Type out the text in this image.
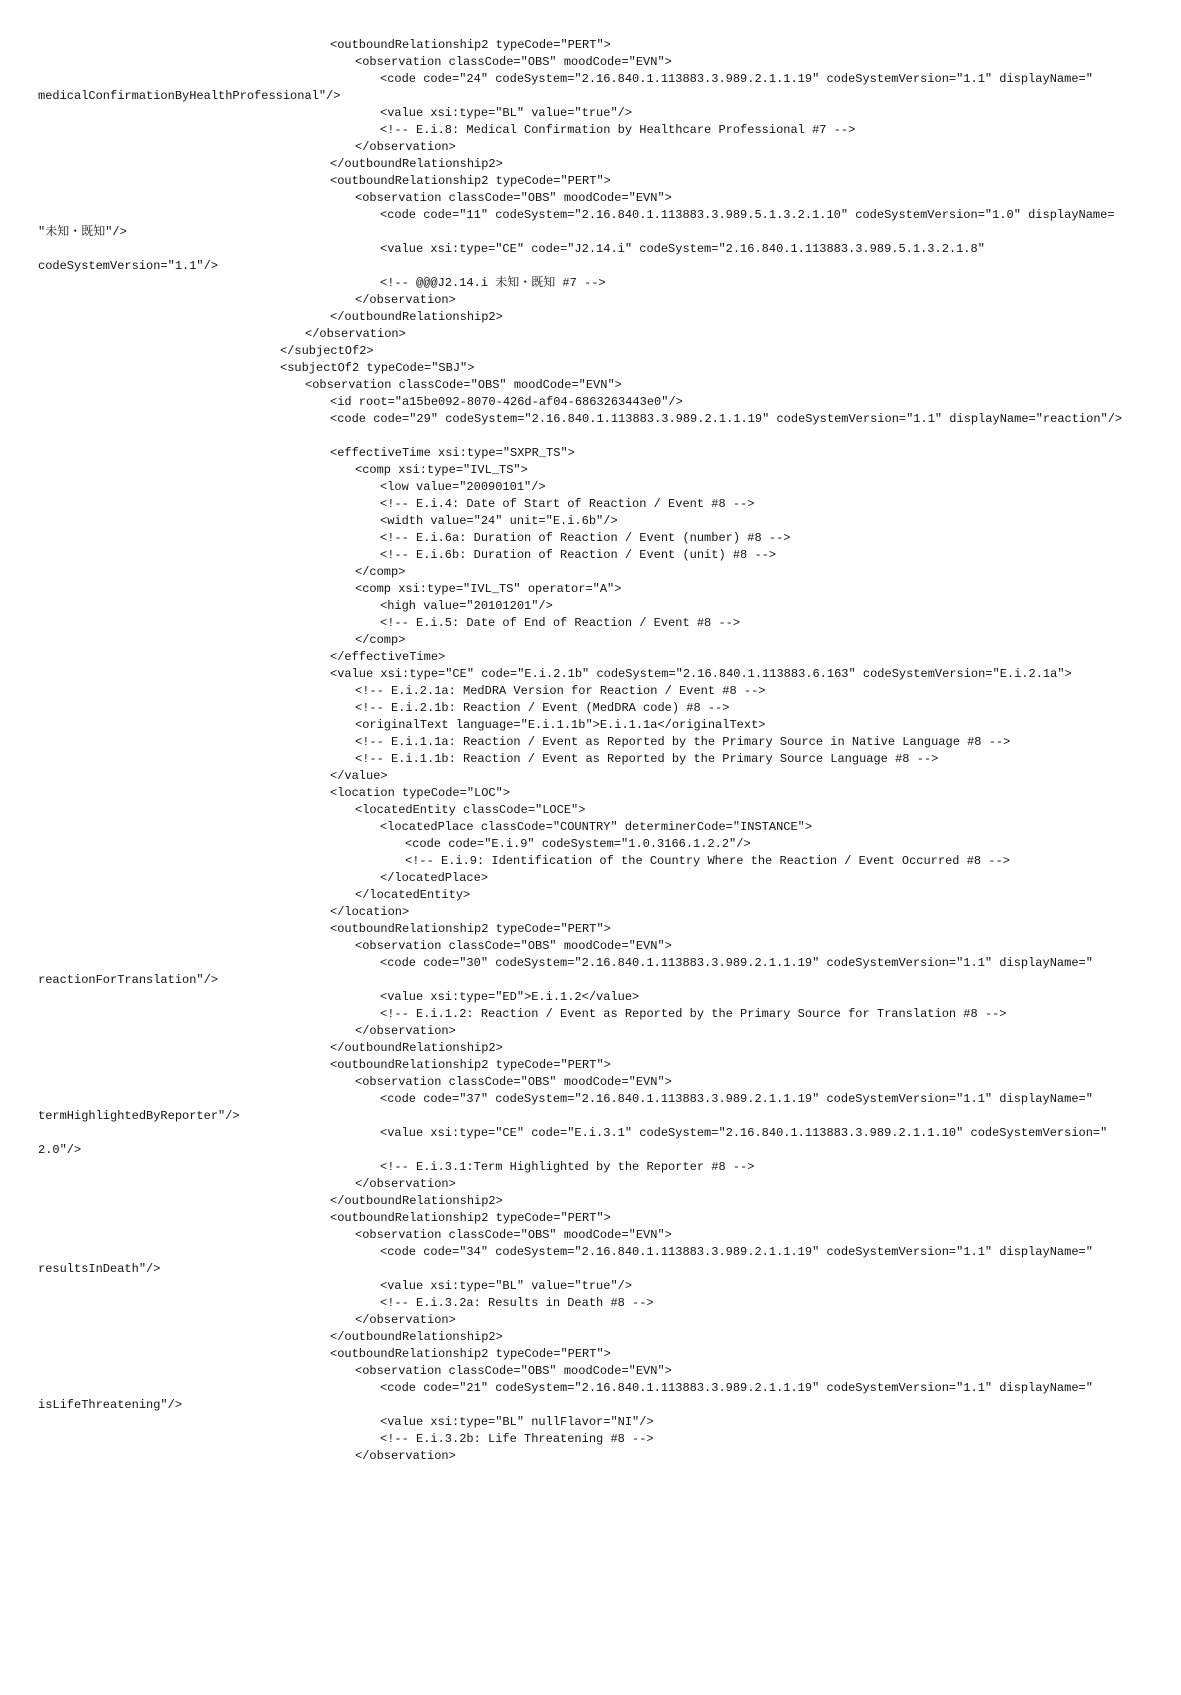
<outboundRelationship2 typeCode="PERT">
<observation classCode="OBS" moodCode="EVN">
<code code="24" codeSystem="2.16.840.1.113883.3.989.2.1.1.19" codeSystemVersion="1.1" displayName="
medicalConfirmationByHealthProfessional"/>
<value xsi:type="BL" value="true"/>
<!-- E.i.8: Medical Confirmation by Healthcare Professional #7 -->
</observation>
</outboundRelationship2>
<outboundRelationship2 typeCode="PERT">
<observation classCode="OBS" moodCode="EVN">
<code code="11" codeSystem="2.16.840.1.113883.3.989.5.1.3.2.1.10" codeSystemVersion="1.0" displayName=
"未知・既知"/>
<value xsi:type="CE" code="J2.14.i" codeSystem="2.16.840.1.113883.3.989.5.1.3.2.1.8"
codeSystemVersion="1.1"/>
<!-- @@@J2.14.i 未知・既知 #7 -->
</observation>
</outboundRelationship2>
</observation>
</subjectOf2>
<subjectOf2 typeCode="SBJ">
<observation classCode="OBS" moodCode="EVN">
<id root="a15be092-8070-426d-af04-6863263443e0"/>
<code code="29" codeSystem="2.16.840.1.113883.3.989.2.1.1.19" codeSystemVersion="1.1" displayName="reaction"/>
<effectiveTime xsi:type="SXPR_TS">
<comp xsi:type="IVL_TS">
<low value="20090101"/>
<!-- E.i.4: Date of Start of Reaction / Event #8 -->
<width value="24" unit="E.i.6b"/>
<!-- E.i.6a: Duration of Reaction / Event (number) #8 -->
<!-- E.i.6b: Duration of Reaction / Event (unit) #8 -->
</comp>
<comp xsi:type="IVL_TS" operator="A">
<high value="20101201"/>
<!-- E.i.5: Date of End of Reaction / Event #8 -->
</comp>
</effectiveTime>
<value xsi:type="CE" code="E.i.2.1b" codeSystem="2.16.840.1.113883.6.163" codeSystemVersion="E.i.2.1a">
<!-- E.i.2.1a: MedDRA Version for Reaction / Event #8 -->
<!-- E.i.2.1b: Reaction / Event (MedDRA code) #8 -->
<originalText language="E.i.1.1b">E.i.1.1a</originalText>
<!-- E.i.1.1a: Reaction / Event as Reported by the Primary Source in Native Language #8 -->
<!-- E.i.1.1b: Reaction / Event as Reported by the Primary Source Language #8 -->
</value>
<location typeCode="LOC">
<locatedEntity classCode="LOCE">
<locatedPlace classCode="COUNTRY" determinerCode="INSTANCE">
<code code="E.i.9" codeSystem="1.0.3166.1.2.2"/>
<!-- E.i.9: Identification of the Country Where the Reaction / Event Occurred #8 -->
</locatedPlace>
</locatedEntity>
</location>
<outboundRelationship2 typeCode="PERT">
<observation classCode="OBS" moodCode="EVN">
<code code="30" codeSystem="2.16.840.1.113883.3.989.2.1.1.19" codeSystemVersion="1.1" displayName="
reactionForTranslation"/>
<value xsi:type="ED">E.i.1.2</value>
<!-- E.i.1.2: Reaction / Event as Reported by the Primary Source for Translation #8 -->
</observation>
</outboundRelationship2>
<outboundRelationship2 typeCode="PERT">
<observation classCode="OBS" moodCode="EVN">
<code code="37" codeSystem="2.16.840.1.113883.3.989.2.1.1.19" codeSystemVersion="1.1" displayName="
termHighlightedByReporter"/>
<value xsi:type="CE" code="E.i.3.1" codeSystem="2.16.840.1.113883.3.989.2.1.1.10" codeSystemVersion="
2.0"/>
<!-- E.i.3.1:Term Highlighted by the Reporter #8 -->
</observation>
</outboundRelationship2>
<outboundRelationship2 typeCode="PERT">
<observation classCode="OBS" moodCode="EVN">
<code code="34" codeSystem="2.16.840.1.113883.3.989.2.1.1.19" codeSystemVersion="1.1" displayName="
resultsInDeath"/>
<value xsi:type="BL" value="true"/>
<!-- E.i.3.2a: Results in Death #8 -->
</observation>
</outboundRelationship2>
<outboundRelationship2 typeCode="PERT">
<observation classCode="OBS" moodCode="EVN">
<code code="21" codeSystem="2.16.840.1.113883.3.989.2.1.1.19" codeSystemVersion="1.1" displayName="
isLifeThreatening"/>
<value xsi:type="BL" nullFlavor="NI"/>
<!-- E.i.3.2b: Life Threatening #8 -->
</observation>
